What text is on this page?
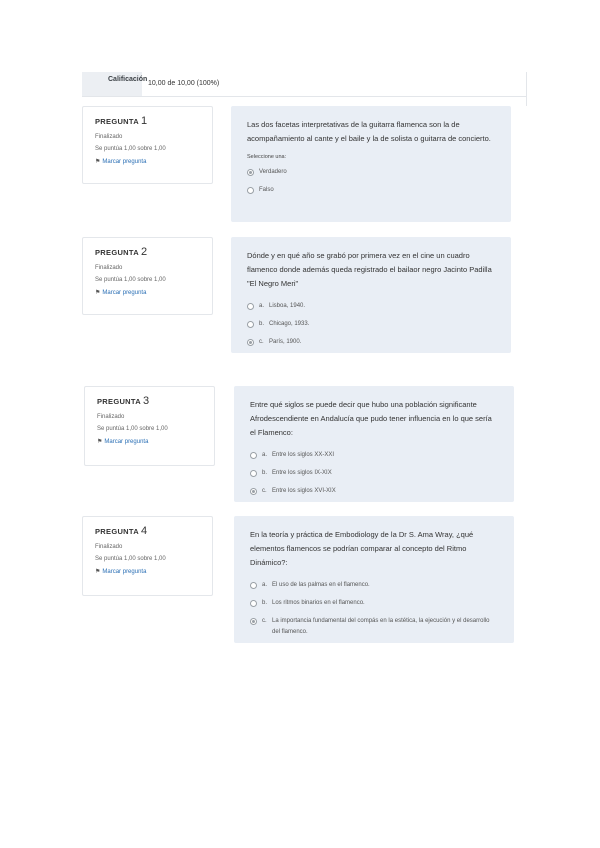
Calificación
10,00 de 10,00 (100%)
PREGUNTA 1
Finalizado
Se puntúa 1,00 sobre 1,00
⚑ Marcar pregunta
Las dos facetas interpretativas de la guitarra flamenca son la de acompañamiento al cante y el baile y la de solista o guitarra de concierto.
Seleccione una:
Verdadero
Falso
PREGUNTA 2
Finalizado
Se puntúa 1,00 sobre 1,00
⚑ Marcar pregunta
Dónde y en qué año se grabó por primera vez en el cine un cuadro flamenco donde además queda registrado el bailaor negro Jacinto Padilla "El Negro Meri"
a. Lisboa, 1940.
b. Chicago, 1933.
c. París, 1900.
PREGUNTA 3
Finalizado
Se puntúa 1,00 sobre 1,00
⚑ Marcar pregunta
Entre qué siglos se puede decir que hubo una población significante Afrodescendiente en Andalucía que pudo tener influencia en lo que sería el Flamenco:
a. Entre los siglos XX-XXI
b. Entre los siglos IX-XIX
c. Entre los siglos XVI-XIX
PREGUNTA 4
Finalizado
Se puntúa 1,00 sobre 1,00
⚑ Marcar pregunta
En la teoría y práctica de Embodiology de la Dr S. Ama Wray, ¿qué elementos flamencos se podrían comparar al concepto del Ritmo Dinámico?:
a. El uso de las palmas en el flamenco.
b. Los ritmos binarios en el flamenco.
c. La importancia fundamental del compás en la estética, la ejecución y el desarrollo del flamenco.
